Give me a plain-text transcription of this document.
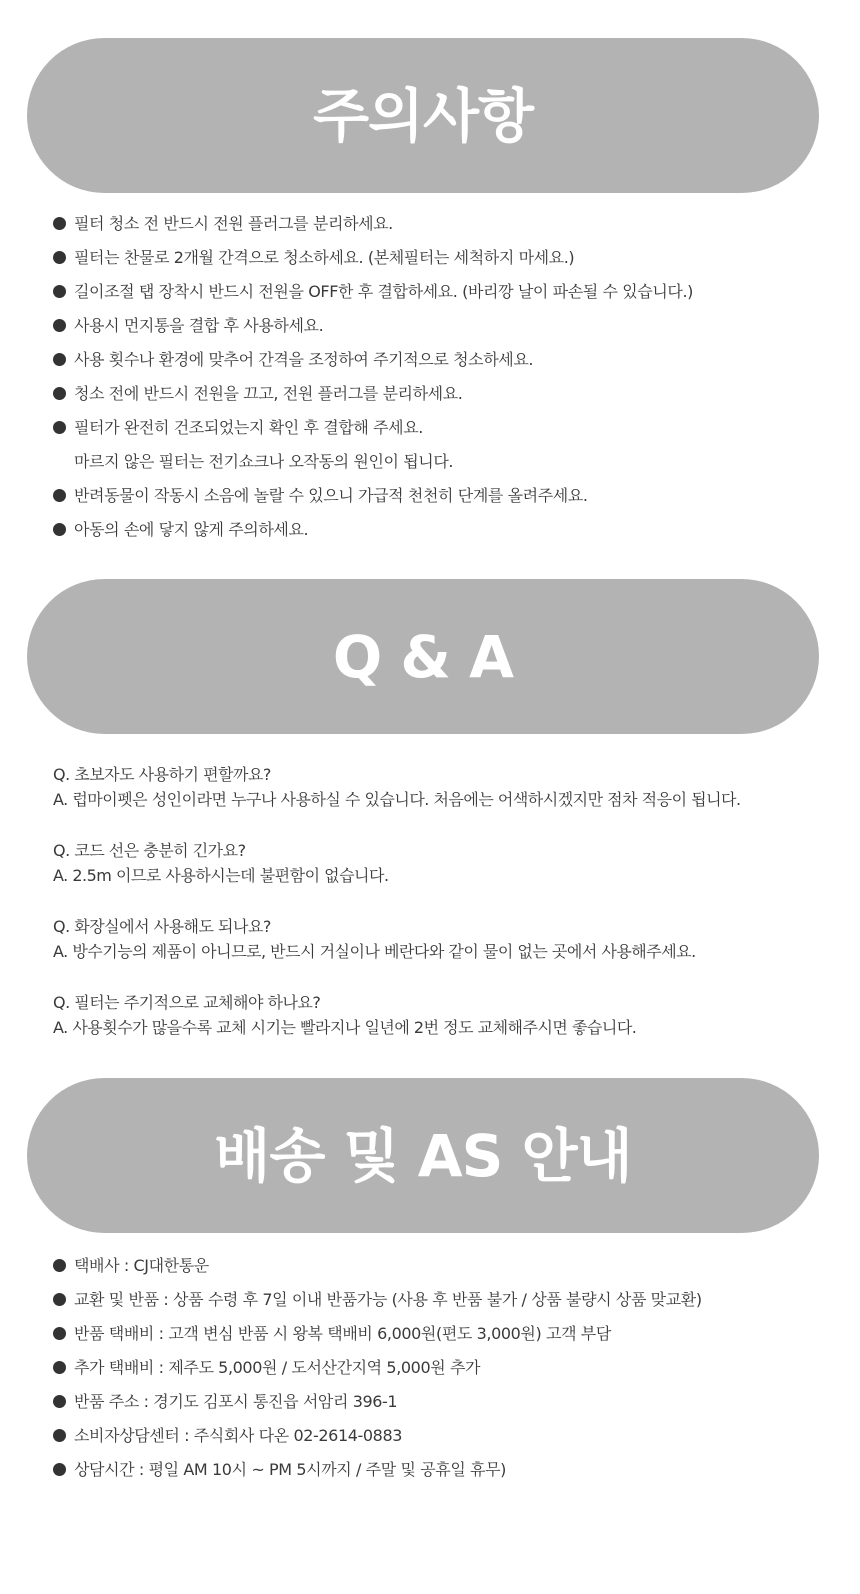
주의사항
필터 청소 전 반드시 전원 플러그를 분리하세요.
필터는 찬물로 2개월 간격으로 청소하세요. (본체필터는 세척하지 마세요.)
길이조절 탭 장착시 반드시 전원을 OFF한 후 결합하세요. (바리깡 날이 파손될 수 있습니다.)
사용시 먼지통을 결합 후 사용하세요.
사용 횟수나 환경에 맞추어 간격을 조정하여 주기적으로 청소하세요.
청소 전에 반드시 전원을 끄고, 전원 플러그를 분리하세요.
필터가 완전히 건조되었는지 확인 후 결합해 주세요.
마르지 않은 필터는 전기쇼크나 오작동의 원인이 됩니다.
반려동물이 작동시 소음에 놀랄 수 있으니 가급적 천천히 단계를 올려주세요.
아동의 손에 닿지 않게 주의하세요.
Q & A
Q. 초보자도 사용하기 편할까요?
A. 럽마이펫은 성인이라면 누구나 사용하실 수 있습니다. 처음에는 어색하시겠지만 점차 적응이 됩니다.
Q. 코드 선은 충분히 긴가요?
A. 2.5m 이므로 사용하시는데 불편함이 없습니다.
Q. 화장실에서 사용해도 되나요?
A. 방수기능의 제품이 아니므로, 반드시 거실이나 베란다와 같이 물이 없는 곳에서 사용해주세요.
Q. 필터는 주기적으로 교체해야 하나요?
A. 사용횟수가 많을수록 교체 시기는 빨라지나 일년에 2번 정도 교체해주시면 좋습니다.
배송 및 AS 안내
택배사 : CJ대한통운
교환 및 반품 : 상품 수령 후 7일 이내 반품가능 (사용 후 반품 불가 / 상품 불량시 상품 맞교환)
반품 택배비 : 고객 변심 반품 시 왕복 택배비 6,000원(편도 3,000원) 고객 부담
추가 택배비 : 제주도 5,000원 / 도서산간지역 5,000원 추가
반품 주소 : 경기도 김포시 통진읍 서암리 396-1
소비자상담센터 : 주식회사 다온 02-2614-0883
상담시간 : 평일 AM 10시 ~ PM 5시까지 / 주말 및 공휴일 휴무)
